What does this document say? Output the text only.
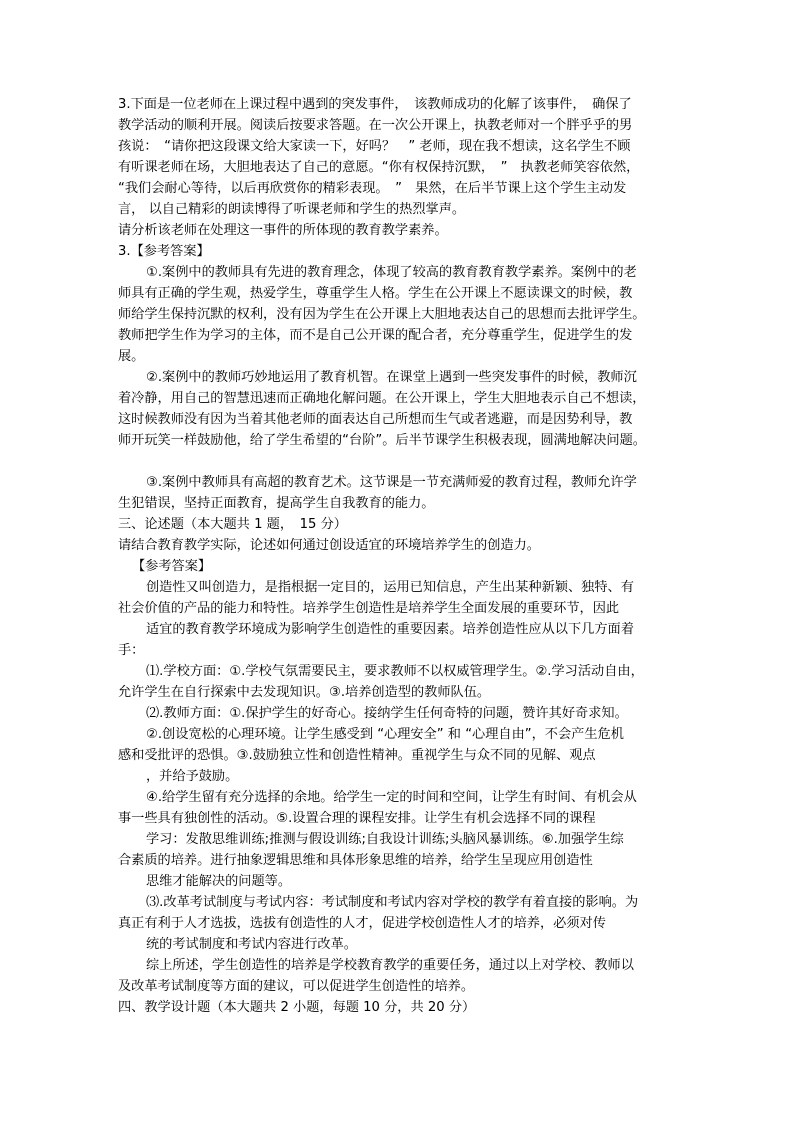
3.下面是一位老师在上课过程中遇到的突发事件，　该教师成功的化解了该事件，　确保了
教学活动的顺利开展。阅读后按要求答题。在一次公开课上，执教老师对一个胖乎乎的男
孩说：　“请你把这段课文给大家读一下，好吗？　” 老师，现在我不想读，这名学生不顾
有听课老师在场，大胆地表达了自己的意愿。“你有权保持沉默，　”　执教老师笑容依然，
“我们会耐心等待，以后再欣赏你的精彩表现。　”　果然，在后半节课上这个学生主动发
言， 以自己精彩的朗读博得了听课老师和学生的热烈掌声。
请分析该老师在处理这一事件的所体现的教育教学素养。
3.【参考答案】
①.案例中的教师具有先进的教育理念，体现了较高的教育教育教学素养。案例中的老
师具有正确的学生观，热爱学生，尊重学生人格。学生在公开课上不愿读课文的时候，教
师给学生保持沉默的权利，没有因为学生在公开课上大胆地表达自己的思想而去批评学生。
教师把学生作为学习的主体，而不是自己公开课的配合者，充分尊重学生，促进学生的发
展。
②.案例中的教师巧妙地运用了教育机智。在课堂上遇到一些突发事件的时候，教师沉
着冷静，用自己的智慧迅速而正确地化解问题。在公开课上，学生大胆地表示自己不想读，
这时候教师没有因为当着其他老师的面表达自己所想而生气或者逃避，而是因势利导，教
师开玩笑一样鼓励他，给了学生希望的“台阶”。后半节课学生积极表现，圆满地解决问题。
③.案例中教师具有高超的教育艺术。这节课是一节充满师爱的教育过程，教师允许学
生犯错误，坚持正面教育，提高学生自我教育的能力。
三、论述题（本大题共 1 题，　15 分）
请结合教育教学实际，论述如何通过创设适宜的环境培养学生的创造力。
【参考答案】
创造性又叫创造力，是指根据一定目的，运用已知信息，产生出某种新颖、独特、有
社会价值的产品的能力和特性。培养学生创造性是培养学生全面发展的重要环节，因此
适宜的教育教学环境成为影响学生创造性的重要因素。培养创造性应从以下几方面着
手：
⑴.学校方面：①.学校气氛需要民主，要求教师不以权威管理学生。②.学习活动自由，
允许学生在自行探索中去发现知识。③.培养创造型的教师队伍。
⑵.教师方面：①.保护学生的好奇心。接纳学生任何奇特的问题，赞许其好奇求知。
②.创设宽松的心理环境。让学生感受到 “心理安全” 和 “心理自由”，不会产生危机
感和受批评的恐惧。③.鼓励独立性和创造性精神。重视学生与众不同的见解、观点
，并给予鼓励。
④.给学生留有充分选择的余地。给学生一定的时间和空间，让学生有时间、有机会从
事一些具有独创性的活动。⑤.设置合理的课程安排。让学生有机会选择不同的课程
学习：发散思维训练;推测与假设训练;自我设计训练;头脑风暴训练。⑥.加强学生综
合素质的培养。进行抽象逻辑思维和具体形象思维的培养，给学生呈现应用创造性
思维才能解决的问题等。
⑶.改革考试制度与考试内容：考试制度和考试内容对学校的教学有着直接的影响。为
真正有利于人才选拔，选拔有创造性的人才，促进学校创造性人才的培养，必须对传
统的考试制度和考试内容进行改革。
综上所述，学生创造性的培养是学校教育教学的重要任务，通过以上对学校、教师以
及改革考试制度等方面的建议，可以促进学生创造性的培养。
四、教学设计题（本大题共 2 小题，每题 10 分，共 20 分）
